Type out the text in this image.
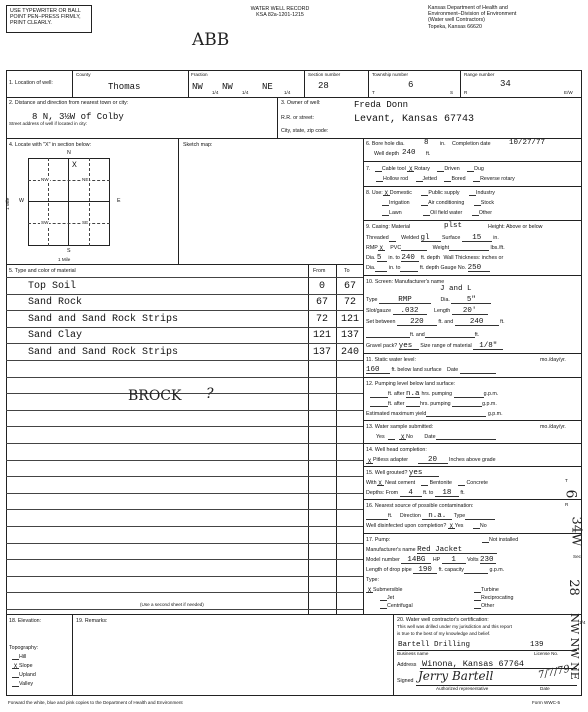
USE TYPEWRITER OR BALL
POINT PEN–PRESS FIRMLY,
PRINT CLEARLY.
WATER WELL RECORD
KSA 82a-1201-1215
ABB
Kansas Department of Health and
Environment–Division of Environment
(Water well Contractors)
Topeka, Kansas 66620
1. Location of well:
County
Thomas
Fraction
NW
1/4
NW
1/4
NE
1/4
Section number
28
Township number
6
T	S
Range number
34
R	E/W
2. Distance and direction from nearest town or city:
8 N, 3½W of Colby
Street address of well if located in city:
3. Owner of well:	Freda Donn
R.R. or street:	Levant, Kansas 67743
City, state, zip code:
4. Locate with "X" in section below:	Sketch map:
NW	NE
SW	SE
X
N
S
W	E
1 Mile
1 Mile
5. Type and color of material	From	To
Top Soil	0	67
Sand Rock	67	72
Sand and Sand Rock Strips	72	121
Sand Clay	121 137
Sand and Sand Rock Strips	137 240
BROCK ?
(Use a second sheet if needed)
6. Bore hole dia.	8 in. Completion date 10/27/77
Well depth 240 ft.
7. Cable tool X Rotary	Driven	Dug
Hollow rod	Jetted	Bored	Reverse rotary
8. Use: X Domestic	Public supply	Industry
Irrigation	Air conditioning	Stock
Lawn	Oil field water	Other
9. Casing: Material	plst	Height: Above or below
Threaded Welded gl Surface 15 in.
RMP X PVC	Weight	lbs./ft.
Dia. 5 in. to 240 ft. depth Wall Thickness: inches or
Dia.	in. to	ft. depth Gauge No. 250
10. Screen: Manufacturer's name
J and L
Type	RMP	Dia. 5"
Slot/gauze .032	Length 20'
Set between 220	ft. and 240	ft.
ft. and	ft.
Gravel pack? yes Size range of material 1/8"
11. Static water level:	mo./day/yr.
160 ft. below land surface Date
12. Pumping level below land surface:
ft. after n.a hrs. pumping	g.p.m.
ft. after	hrs. pumping	g.p.m.
Estimated maximum yield	g.p.m.
13. Water sample submitted:	mo./day/yr.
Yes	X No Date
14. Well head completion:
X Pitless adapter	20 Inches above grade
15. Well grouted? yes
With X Neat cement	Bentonite	Concrete
Depths: From 4 ft. to 18 ft.
16. Nearest source of possible contamination:
ft. Direction n.a. Type
Well disinfected upon completion? X Yes	No
17. Pump:	Not installed
Manufacturer's name Red Jacket
Model number 14BG HP 1 Volts 230
Length of drop pipe 190 ft. capacity	g.p.m.
Type:
X Submersible	Turbine
Jet	Reciprocating
Centrifugal	Other
18. Elevation:
Topography:
Hill
X Slope
Upland
Valley
19. Remarks:	20. Water well contractor's certification:
This well was drilled under my jurisdiction and this report
is true to the best of my knowledge and belief.
Bartell Drilling	139
Business name	License No.
Address Winona, Kansas 67764
Signed Jerry Bartell	7/7/79
Authorized representative	Date
Forward the white, blue and pink copies to the Department of Health and Environment	Form WWC-5
T
6
R
34W
Sec
28
NW NW NE
1/4
